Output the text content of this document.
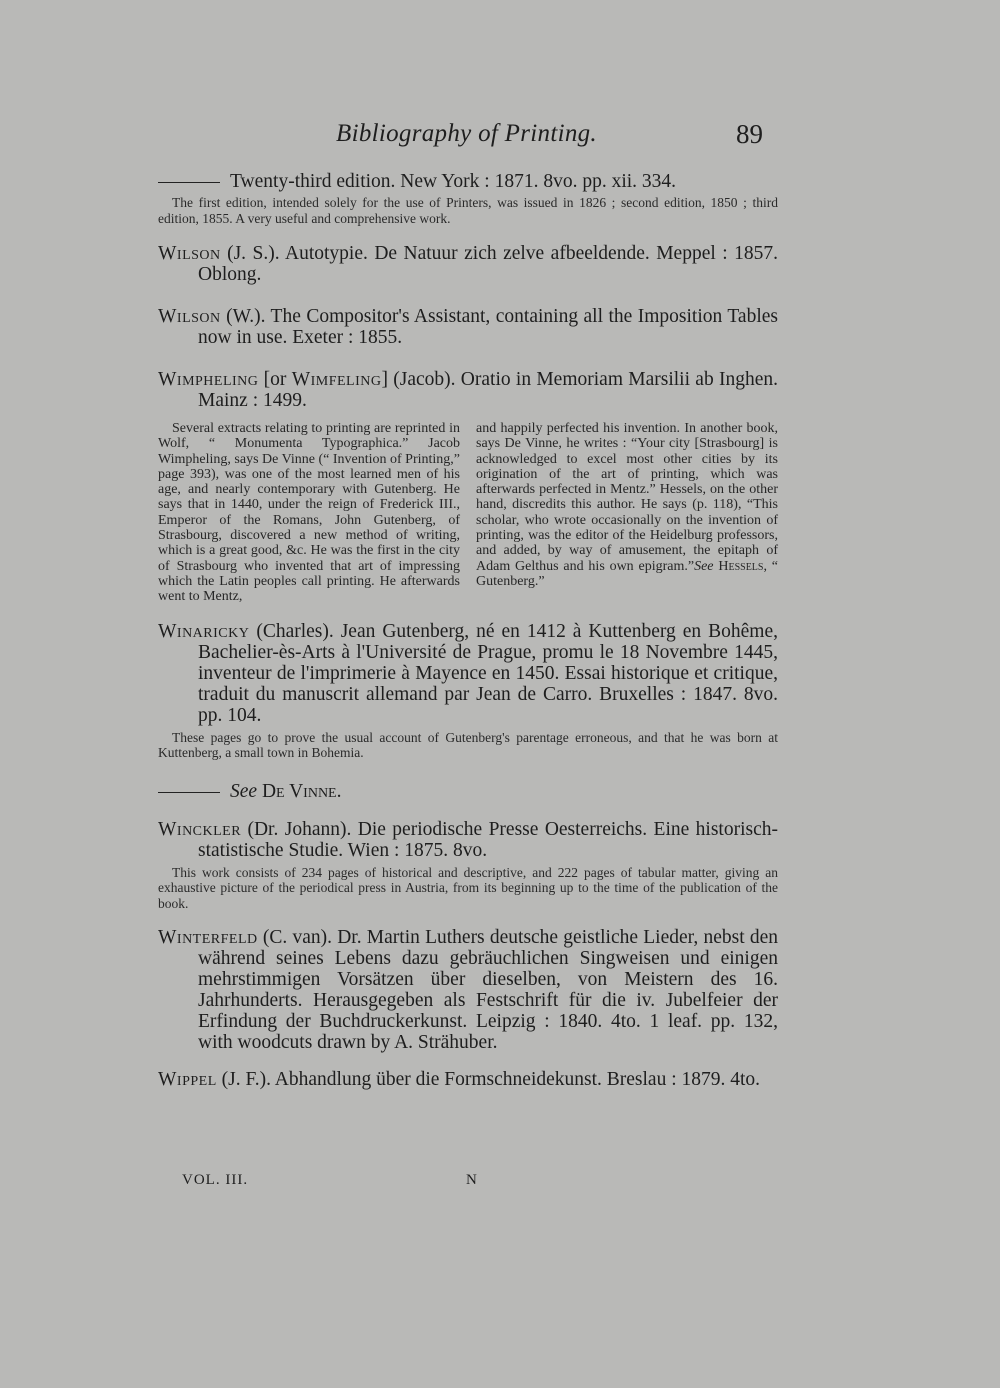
Bibliography of Printing.	89
Twenty-third edition. New York : 1871. 8vo. pp. xii. 334.
The first edition, intended solely for the use of Printers, was issued in 1826 ; second edition, 1850 ; third edition, 1855. A very useful and comprehensive work.
Wilson (J. S.). Autotypie. De Natuur zich zelve afbeeldende. Meppel : 1857. Oblong.
Wilson (W.). The Compositor's Assistant, containing all the Imposition Tables now in use. Exeter : 1855.
Wimpheling [or Wimfeling] (Jacob). Oratio in Memoriam Marsilii ab Inghen. Mainz : 1499.

Several extracts relating to printing are reprinted in Wolf, “ Monumenta Typographica.” Jacob Wimpheling, says De Vinne (“ Invention of Printing,” page 393), was one of the most learned men of his age, and nearly contemporary with Gutenberg. He says that in 1440, under the reign of Frederick III., Emperor of the Romans, John Gutenberg, of Strasbourg, discovered a new method of writing, which is a great good, &c. He was the first in the city of Strasbourg who invented that art of impressing which the Latin peoples call printing. He afterwards went to Mentz,

and happily perfected his invention. In another book, says De Vinne, he writes : “Your city [Strasbourg] is acknowledged to excel most other cities by its origination of the art of printing, which was afterwards perfected in Mentz.” Hessels, on the other hand, discredits this author. He says (p. 118), “This scholar, who wrote occasionally on the invention of printing, was the editor of the Heidelburg professors, and added, by way of amusement, the epitaph of Adam Gelthus and his own epigram.”See Hessels, “ Gutenberg.”

Winaricky (Charles). Jean Gutenberg, né en 1412 à Kuttenberg en Bohême, Bachelier-ès-Arts à l'Université de Prague, promu le 18 Novembre 1445, inventeur de l'imprimerie à Mayence en 1450. Essai historique et critique, traduit du manuscrit allemand par Jean de Carro. Bruxelles : 1847. 8vo. pp. 104.
These pages go to prove the usual account of Gutenberg's parentage erroneous, and that he was born at Kuttenberg, a small town in Bohemia.
See De Vinne.
Winckler (Dr. Johann). Die periodische Presse Oesterreichs. Eine historisch-statistische Studie. Wien : 1875. 8vo.
This work consists of 234 pages of historical and descriptive, and 222 pages of tabular matter, giving an exhaustive picture of the periodical press in Austria, from its beginning up to the time of the publication of the book.
Winterfeld (C. van). Dr. Martin Luthers deutsche geistliche Lieder, nebst den während seines Lebens dazu gebräuchlichen Singweisen und einigen mehrstimmigen Vorsätzen über dieselben, von Meistern des 16. Jahrhunderts. Herausgegeben als Festschrift für die iv. Jubelfeier der Erfindung der Buchdruckerkunst. Leipzig : 1840. 4to. 1 leaf. pp. 132, with woodcuts drawn by A. Strähuber.
Wippel (J. F.). Abhandlung über die Formschneidekunst. Breslau : 1879. 4to.
VOL. III.	N
